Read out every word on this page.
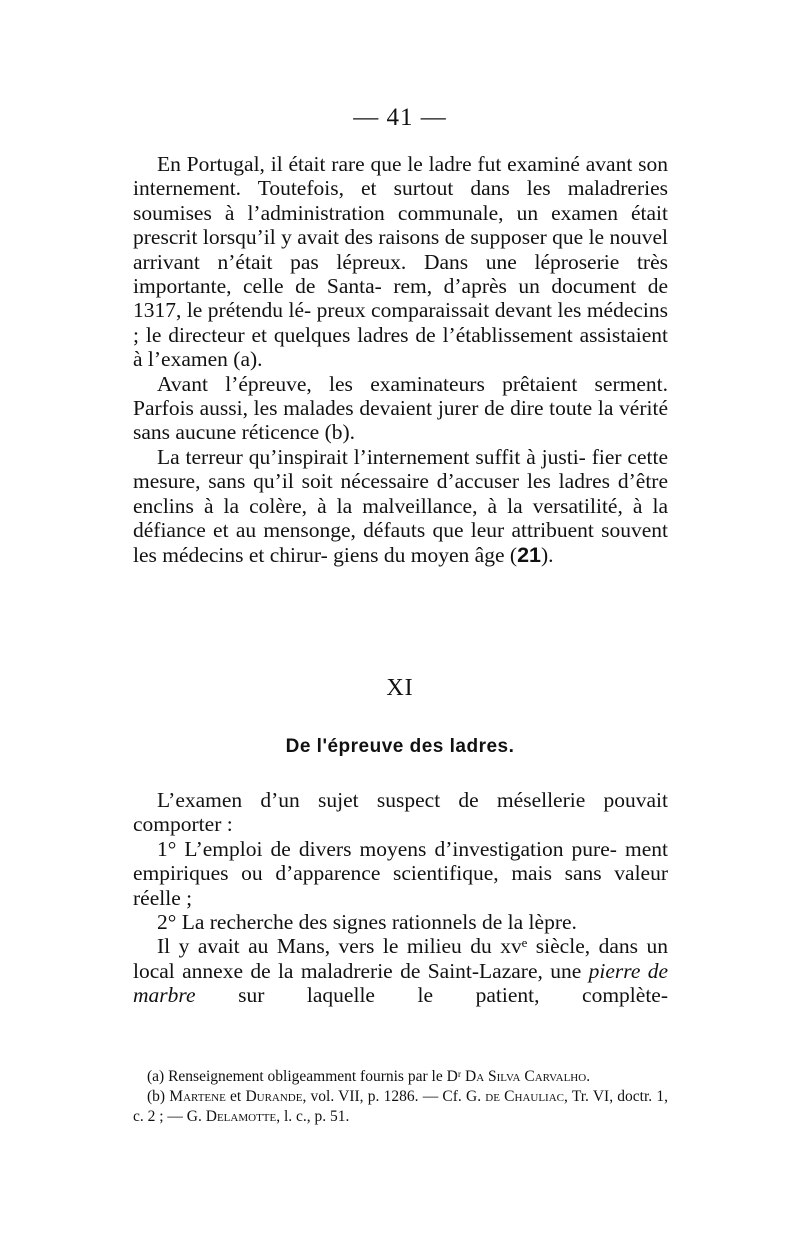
— 41 —

En Portugal, il était rare que le ladre fut examiné avant son internement. Toutefois, et surtout dans les maladreries soumises à l’administration communale, un examen était prescrit lorsqu’il y avait des raisons de supposer que le nouvel arrivant n’était pas lépreux. Dans une léproserie très importante, celle de Santa- rem, d’après un document de 1317, le prétendu lé- preux comparaissait devant les médecins ; le directeur et quelques ladres de l’établissement assistaient à l’examen (a).

Avant l’épreuve, les examinateurs prêtaient serment. Parfois aussi, les malades devaient jurer de dire toute la vérité sans aucune réticence (b).

La terreur qu’inspirait l’internement suffit à justi- fier cette mesure, sans qu’il soit nécessaire d’accuser les ladres d’être enclins à la colère, à la malveillance, à la versatilité, à la défiance et au mensonge, défauts que leur attribuent souvent les médecins et chirur- giens du moyen âge (21).

XI
De l'épreuve des ladres.

L’examen d’un sujet suspect de mésellerie pouvait comporter :

1° L’emploi de divers moyens d’investigation pure- ment empiriques ou d’apparence scientifique, mais sans valeur réelle ;

2° La recherche des signes rationnels de la lèpre.

Il y avait au Mans, vers le milieu du xvᵉ siècle, dans un local annexe de la maladrerie de Saint-Lazare, une pierre de marbre sur laquelle le patient, complète-

(a) Renseignement obligeamment fournis par le Dʳ Da Silva Carvalho.

(b) Martene et Durande, vol. VII, p. 1286. — Cf. G. de Chauliac, Tr. VI, doctr. 1, c. 2 ; — G. Delamotte, l. c., p. 51.
